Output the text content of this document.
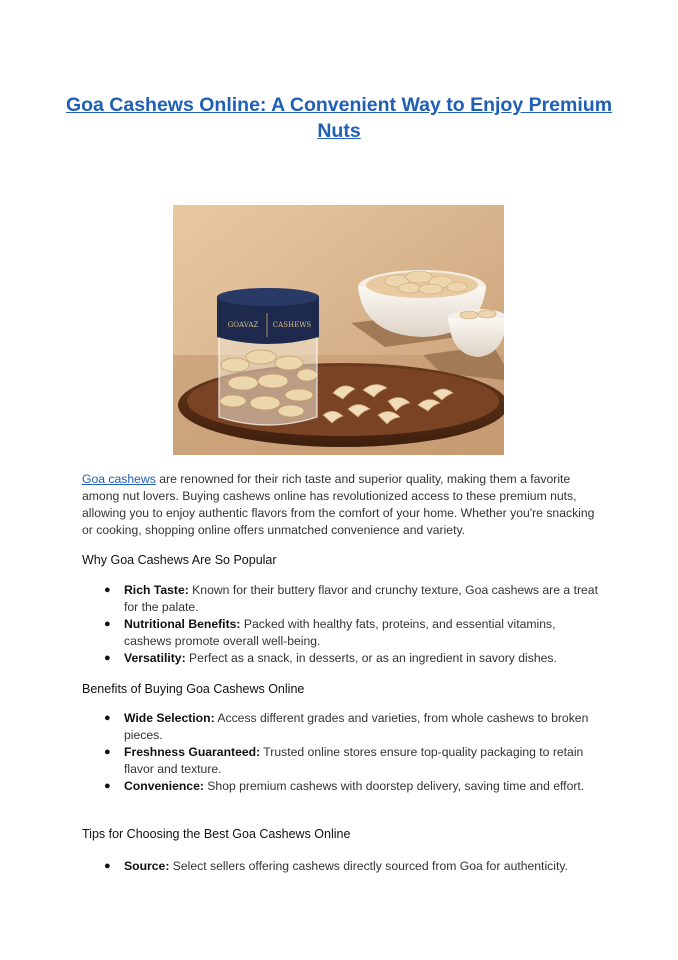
Goa Cashews Online: A Convenient Way to Enjoy Premium Nuts
GOAVAZ CASHEWS

Goa cashews are renowned for their rich taste and superior quality, making them a favorite among nut lovers. Buying cashews online has revolutionized access to these premium nuts, allowing you to enjoy authentic flavors from the comfort of your home. Whether you're snacking or cooking, shopping online offers unmatched convenience and variety.

Why Goa Cashews Are So Popular
● Rich Taste: Known for their buttery flavor and crunchy texture, Goa cashews are a treat for the palate.
● Nutritional Benefits: Packed with healthy fats, proteins, and essential vitamins, cashews promote overall well-being.
● Versatility: Perfect as a snack, in desserts, or as an ingredient in savory dishes.
Benefits of Buying Goa Cashews Online
● Wide Selection: Access different grades and varieties, from whole cashews to broken pieces.
● Freshness Guaranteed: Trusted online stores ensure top-quality packaging to retain flavor and texture.
● Convenience: Shop premium cashews with doorstep delivery, saving time and effort.
Tips for Choosing the Best Goa Cashews Online
● Source: Select sellers offering cashews directly sourced from Goa for authenticity.
